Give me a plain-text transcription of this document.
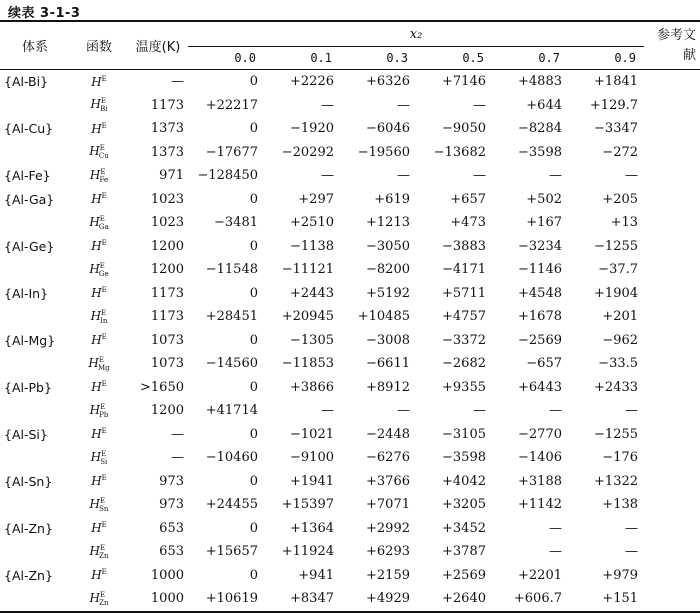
续表 3-1-3
体系	函数	温度(K)	x₂						参考文献
			0.0	0.1	0.3	0.5	0.7	0.9	
{Al-Bi}	$H^E$	—	0	+2226	+6326	+7146	+4883	+1841	
	$H^E_{Bi}$	1173	+22217	—	—	—	+644	+129.7	
{Al-Cu}	$H^E$	1373	0	−1920	−6046	−9050	−8284	−3347	
	$H^E_{Cu}$	1373	−17677	−20292	−19560	−13682	−3598	−272	
{Al-Fe}	$H^E_{Fe}$	971	−128450	—	—	—	—	—	
{Al-Ga}	$H^E$	1023	0	+297	+619	+657	+502	+205	
	$H^E_{Ga}$	1023	−3481	+2510	+1213	+473	+167	+13	
{Al-Ge}	$H^E$	1200	0	−1138	−3050	−3883	−3234	−1255	
	$H^E_{Ge}$	1200	−11548	−11121	−8200	−4171	−1146	−37.7	
{Al-In}	$H^E$	1173	0	+2443	+5192	+5711	+4548	+1904	
	$H^E_{In}$	1173	+28451	+20945	+10485	+4757	+1678	+201	
{Al-Mg}	$H^E$	1073	0	−1305	−3008	−3372	−2569	−962	
	$H^E_{Mg}$	1073	−14560	−11853	−6611	−2682	−657	−33.5	
{Al-Pb}	$H^E$	>1650	0	+3866	+8912	+9355	+6443	+2433	
	$H^E_{Pb}$	1200	+41714	—	—	—	—	—	
{Al-Si}	$H^E$	—	0	−1021	−2448	−3105	−2770	−1255	
	$H^E_{Si}$	—	−10460	−9100	−6276	−3598	−1406	−176	
{Al-Sn}	$H^E$	973	0	+1941	+3766	+4042	+3188	+1322	
	$H^E_{Sn}$	973	+24455	+15397	+7071	+3205	+1142	+138	
{Al-Zn}	$H^E$	653	0	+1364	+2992	+3452	—	—	
	$H^E_{Zn}$	653	+15657	+11924	+6293	+3787	—	—	
{Al-Zn}	$H^E$	1000	0	+941	+2159	+2569	+2201	+979	
	$H^E_{Zn}$	1000	+10619	+8347	+4929	+2640	+606.7	+151	
